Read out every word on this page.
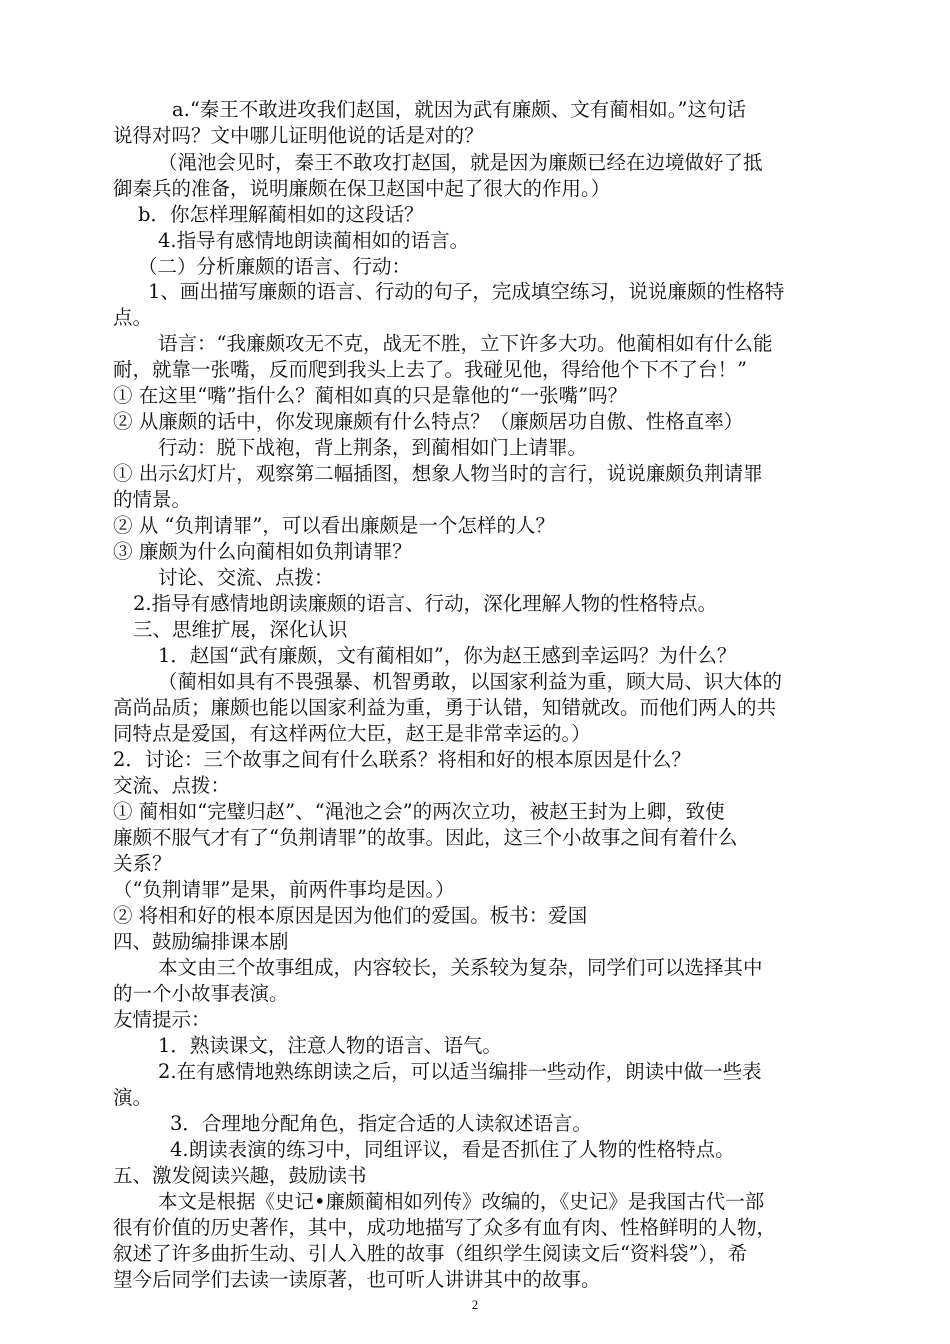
a.“秦王不敢进攻我们赵国，就因为武有廉颇、文有蔺相如。”这句话
说得对吗？文中哪儿证明他说的话是对的？
（渑池会见时，秦王不敢攻打赵国，就是因为廉颇已经在边境做好了抵
御秦兵的准备，说明廉颇在保卫赵国中起了很大的作用。）
b．你怎样理解蔺相如的这段话？
4.指导有感情地朗读蔺相如的语言。
（二）分析廉颇的语言、行动：
1、画出描写廉颇的语言、行动的句子，完成填空练习，说说廉颇的性格特
点。
语言：“我廉颇攻无不克，战无不胜，立下许多大功。他蔺相如有什么能
耐，就靠一张嘴，反而爬到我头上去了。我碰见他，得给他个下不了台！”
① 在这里“嘴”指什么？蔺相如真的只是靠他的“一张嘴”吗？
② 从廉颇的话中，你发现廉颇有什么特点？（廉颇居功自傲、性格直率）
行动：脱下战袍，背上荆条，到蔺相如门上请罪。
① 出示幻灯片，观察第二幅插图，想象人物当时的言行，说说廉颇负荆请罪
的情景。
② 从 “负荆请罪”，可以看出廉颇是一个怎样的人？
③ 廉颇为什么向蔺相如负荆请罪？
讨论、交流、点拨：
2.指导有感情地朗读廉颇的语言、行动，深化理解人物的性格特点。
三、思维扩展，深化认识
1．赵国“武有廉颇，文有蔺相如”，你为赵王感到幸运吗？为什么？
（蔺相如具有不畏强暴、机智勇敢，以国家利益为重，顾大局、识大体的
高尚品质；廉颇也能以国家利益为重，勇于认错，知错就改。而他们两人的共
同特点是爱国，有这样两位大臣，赵王是非常幸运的。）
2．讨论：三个故事之间有什么联系？将相和好的根本原因是什么？
交流、点拨：
① 蔺相如“完璧归赵”、“渑池之会”的两次立功，被赵王封为上卿，致使
廉颇不服气才有了“负荆请罪”的故事。因此，这三个小故事之间有着什么
关系？
（“负荆请罪”是果，前两件事均是因。）
② 将相和好的根本原因是因为他们的爱国。板书：爱国
四、鼓励编排课本剧
本文由三个故事组成，内容较长，关系较为复杂，同学们可以选择其中
的一个小故事表演。
友情提示：
1．熟读课文，注意人物的语言、语气。
2.在有感情地熟练朗读之后，可以适当编排一些动作，朗读中做一些表
演。
3．合理地分配角色，指定合适的人读叙述语言。
4.朗读表演的练习中，同组评议，看是否抓住了人物的性格特点。
五、激发阅读兴趣，鼓励读书
本文是根据《史记•廉颇蔺相如列传》改编的，《史记》是我国古代一部
很有价值的历史著作，其中，成功地描写了众多有血有肉、性格鲜明的人物，
叙述了许多曲折生动、引人入胜的故事（组织学生阅读文后“资料袋”），希
望今后同学们去读一读原著，也可听人讲讲其中的故事。
2
